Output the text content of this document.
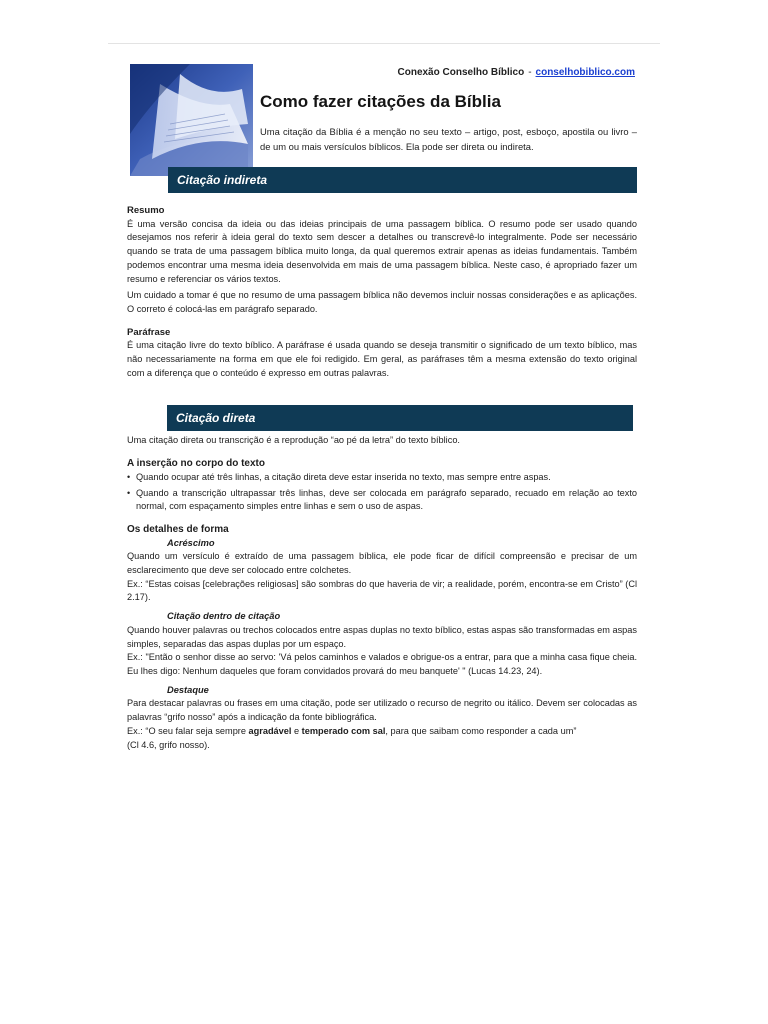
Conexão Conselho Bíblico - conselhobiblico.com
Como fazer citações da Bíblia

Uma citação da Bíblia é a menção no seu texto – artigo, post, esboço, apostila ou livro – de um ou mais versículos bíblicos. Ela pode ser direta ou indireta.

Citação indireta

Resumo

É uma versão concisa da ideia ou das ideias principais de uma passagem bíblica. O resumo pode ser usado quando desejamos nos referir à ideia geral do texto sem descer a detalhes ou transcrevê-lo integralmente. Pode ser necessário quando se trata de uma passagem bíblica muito longa, da qual queremos extrair apenas as ideias fundamentais. Também podemos encontrar uma mesma ideia desenvolvida em mais de uma passagem bíblica. Neste caso, é apropriado fazer um resumo e referenciar os vários textos.

Um cuidado a tomar é que no resumo de uma passagem bíblica não devemos incluir nossas considerações e as aplicações. O correto é colocá-las em parágrafo separado.

Paráfrase

É uma citação livre do texto bíblico. A paráfrase é usada quando se deseja transmitir o significado de um texto bíblico, mas não necessariamente na forma em que ele foi redigido. Em geral, as paráfrases têm a mesma extensão do texto original com a diferença que o conteúdo é expresso em outras palavras.

Citação direta

Uma citação direta ou transcrição é a reprodução “ao pé da letra” do texto bíblico.

A inserção no corpo do texto

• Quando ocupar até três linhas, a citação direta deve estar inserida no texto, mas sempre entre aspas.
• Quando a transcrição ultrapassar três linhas, deve ser colocada em parágrafo separado, recuado em relação ao texto normal, com espaçamento simples entre linhas e sem o uso de aspas.

Os detalhes de forma

Acréscimo

Quando um versículo é extraído de uma passagem bíblica, ele pode ficar de difícil compreensão e precisar de um esclarecimento que deve ser colocado entre colchetes.

Ex.: “Estas coisas [celebrações religiosas] são sombras do que haveria de vir; a realidade, porém, encontra-se em Cristo” (Cl 2.17).

Citação dentro de citação

Quando houver palavras ou trechos colocados entre aspas duplas no texto bíblico, estas aspas são transformadas em aspas simples, separadas das aspas duplas por um espaço.

Ex.: "Então o senhor disse ao servo: 'Vá pelos caminhos e valados e obrigue-os a entrar, para que a minha casa fique cheia. Eu lhes digo: Nenhum daqueles que foram convidados provará do meu banquete' " (Lucas 14.23, 24).

Destaque

Para destacar palavras ou frases em uma citação, pode ser utilizado o recurso de negrito ou itálico. Devem ser colocadas as palavras “grifo nosso” após a indicação da fonte bibliográfica.

Ex.: “O seu falar seja sempre agradável e temperado com sal, para que saibam como responder a cada um”

(Cl 4.6, grifo nosso).
